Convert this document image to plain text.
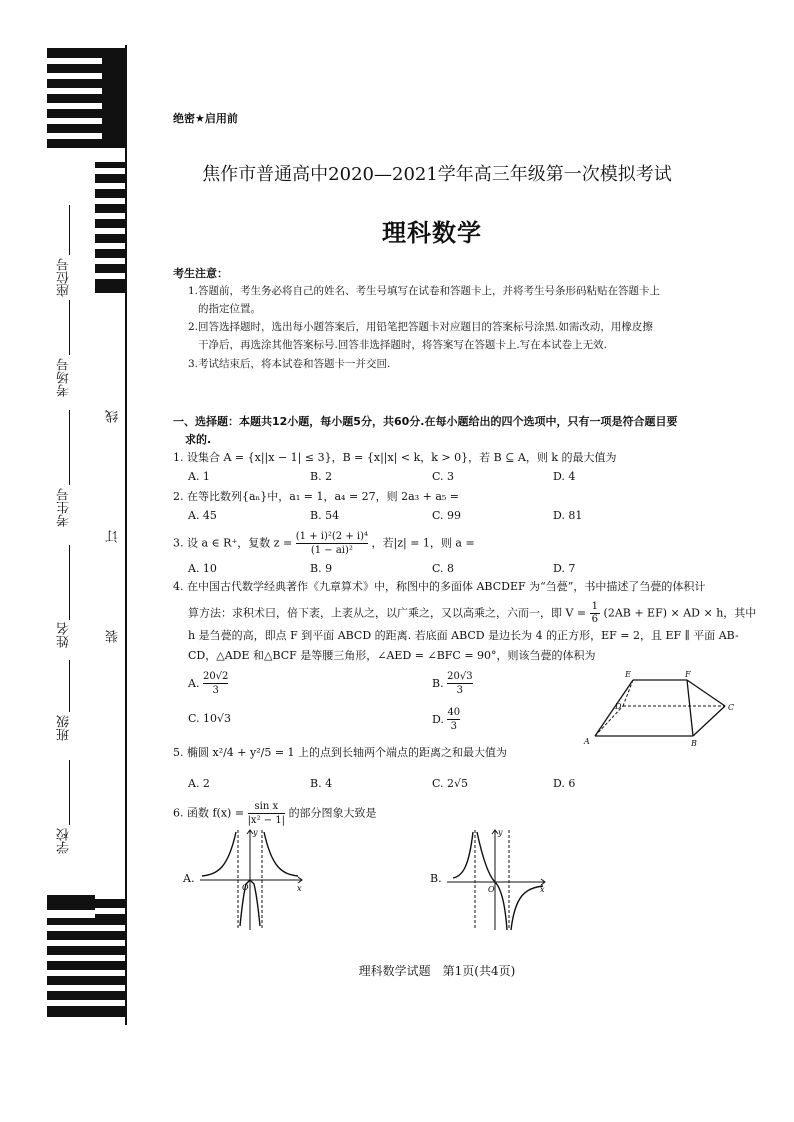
座位号
考场号
考生号
姓名
班级
学校
线
订
装
绝密★启用前
焦作市普通高中2020—2021学年高三年级第一次模拟考试
理科数学
考生注意：
1.答题前，考生务必将自己的姓名、考生号填写在试卷和答题卡上，并将考生号条形码粘贴在答题卡上
的指定位置。
2.回答选择题时，选出每小题答案后，用铅笔把答题卡对应题目的答案标号涂黑.如需改动，用橡皮擦
干净后，再选涂其他答案标号.回答非选择题时，将答案写在答题卡上.写在本试卷上无效.
3.考试结束后，将本试卷和答题卡一并交回.
一、选择题：本题共12小题，每小题5分，共60分.在每小题给出的四个选项中，只有一项是符合题目要
求的.
1. 设集合 A = {x||x − 1| ≤ 3}，B = {x||x| < k，k > 0}，若 B ⊆ A，则 k 的最大值为
A. 1	B. 2	C. 3	D. 4
2. 在等比数列{aₙ}中，a₁ = 1，a₄ = 27，则 2a₃ + a₅ =
A. 45	B. 54	C. 99	D. 81
3. 设 a ∈ R⁺，复数 $z = \frac{\text{(1 + i)²(2 + i)⁴}}{\text{(1 − ai)²}}$ ，若|z| = 1，则 a =
A. 10	B. 9	C. 8	D. 7
4. 在中国古代数学经典著作《九章算术》中，称图中的多面体 ABCDEF 为“刍甍”，书中描述了刍甍的体积计
算方法：求积术曰，倍下袤，上袤从之，以广乘之，又以高乘之，六而一，即 $V = \frac{1}{6} (2AB + EF)$ × AD × h，其中
h 是刍甍的高，即点 F 到平面 ABCD 的距离. 若底面 ABCD 是边长为 4 的正方形，EF = 2，且 EF ∥ 平面 AB-
CD，△ADE 和△BCF 是等腰三角形，∠AED = ∠BFC = 90°，则该刍甍的体积为
A. $\frac{20√2}{3}$	B. $\frac{20√3}{3}$
C. 10√3	D. $\frac{40}{3}$
E	F
D	C
A	B
5. 椭圆 x²/4 + y²/5 = 1 上的点到长轴两个端点的距离之和最大值为
A. 2	B. 4	C. 2√5	D. 6
6. 函数 $f(x) = \frac{\text{sin x}}{\text{|x² − 1|}}$ 的部分图象大致是
A.
x
y
O
B.
x
y
O
理科数学试题　第1页(共4页)
